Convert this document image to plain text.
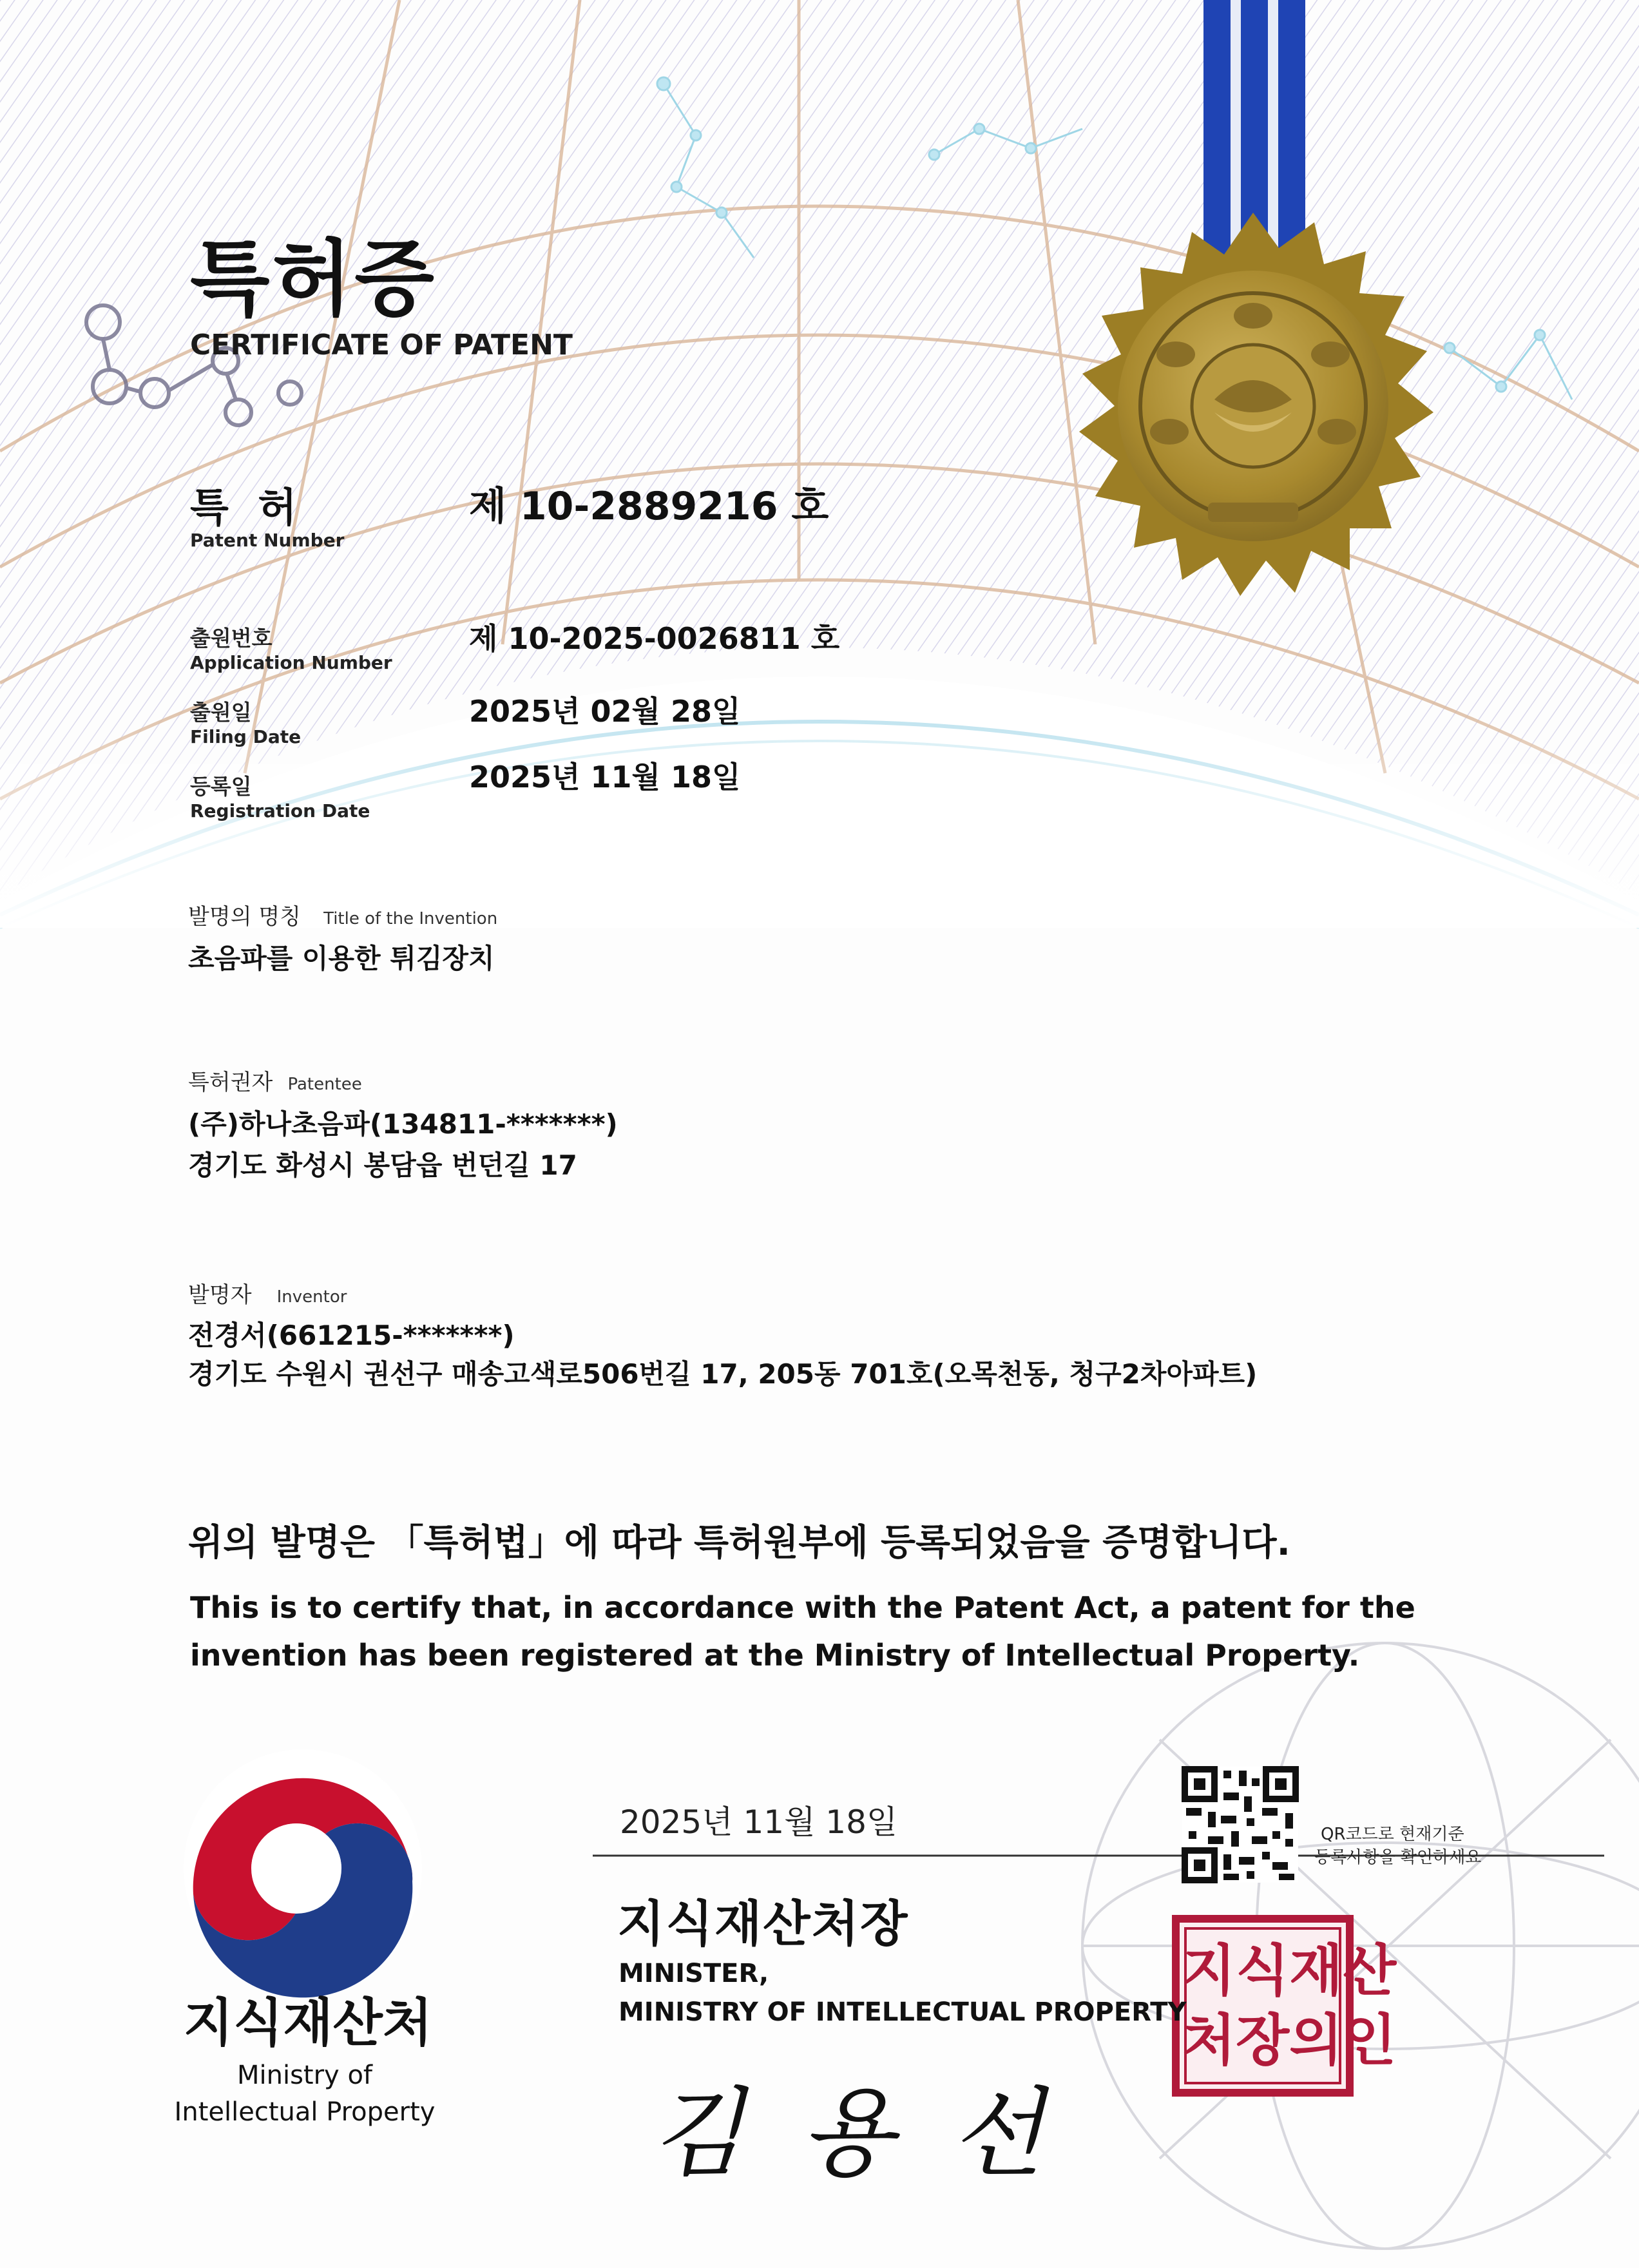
특허증
CERTIFICATE OF PATENT
특 허
Patent Number
제 10-2889216 호
출원번호
Application Number
제 10-2025-0026811 호
출원일
Filing Date
2025년 02월 28일
등록일
Registration Date
2025년 11월 18일
발명의 명칭 Title of the Invention
초음파를 이용한 튀김장치
특허권자 Patentee
(주)하나초음파(134811-*******)
경기도 화성시 봉담읍 번던길 17
발명자 Inventor
전경서(661215-*******)
경기도 수원시 권선구 매송고색로506번길 17, 205동 701호(오목천동, 청구2차아파트)
위의 발명은 「특허법」에 따라 특허원부에 등록되었음을 증명합니다.
This is to certify that, in accordance with the Patent Act, a patent for the
invention has been registered at the Ministry of Intellectual Property.
2025년 11월 18일	QR코드로 현재기준
등록사항을 확인하세요
지식재산처장
MINISTER,
MINISTRY OF INTELLECTUAL PROPERTY
김 용 선
지식재산
처장의인
지식재산처
Ministry of
Intellectual Property
